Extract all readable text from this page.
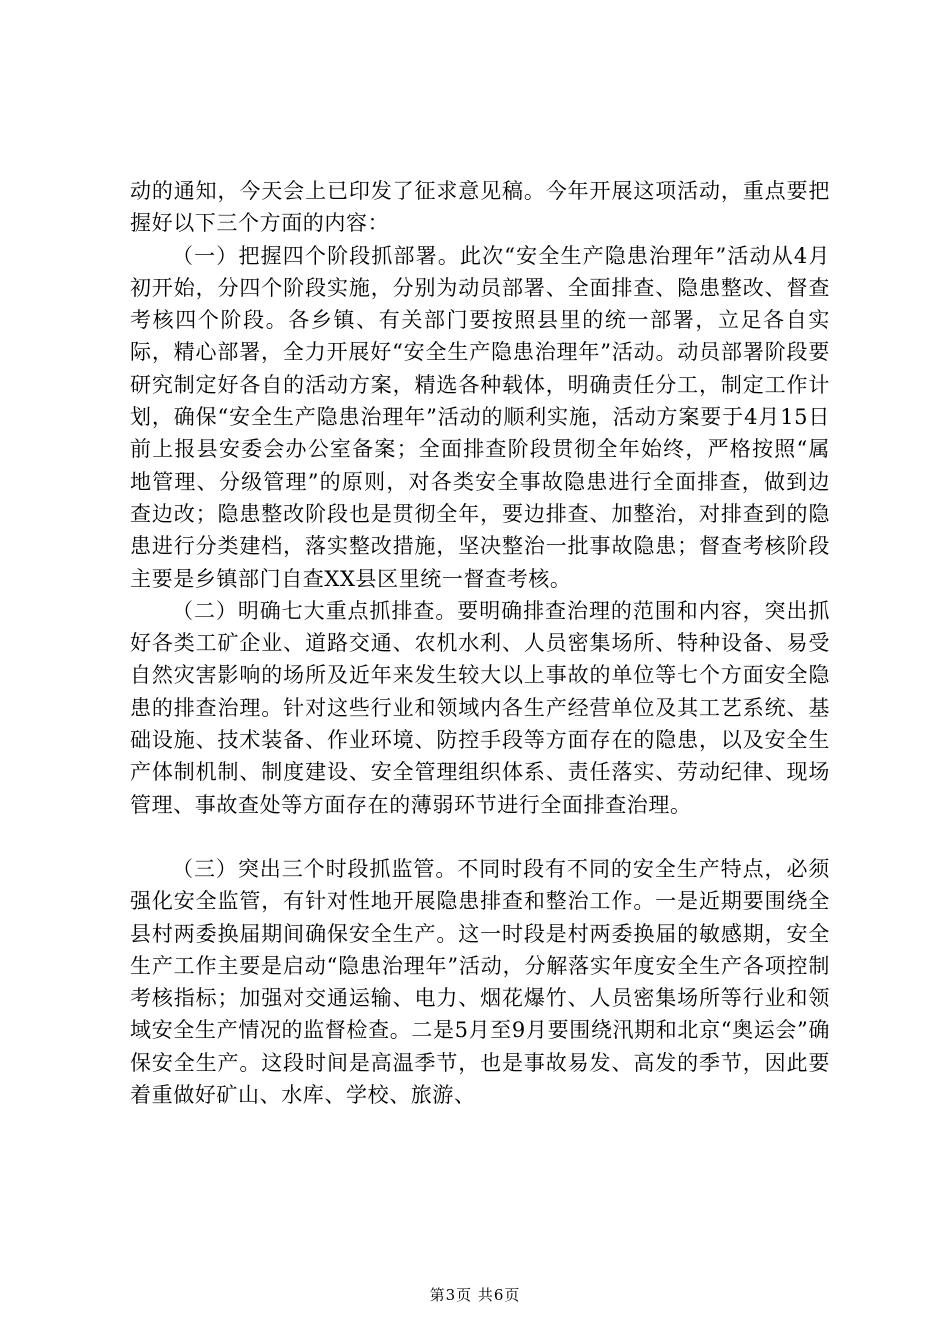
动的通知，今天会上已印发了征求意见稿。今年开展这项活动，重点要把握好以下三个方面的内容：

（一）把握四个阶段抓部署。此次“安全生产隐患治理年”活动从4月初开始，分四个阶段实施，分别为动员部署、全面排查、隐患整改、督查考核四个阶段。各乡镇、有关部门要按照县里的统一部署，立足各自实际，精心部署，全力开展好“安全生产隐患治理年”活动。动员部署阶段要研究制定好各自的活动方案，精选各种载体，明确责任分工，制定工作计划，确保“安全生产隐患治理年”活动的顺利实施，活动方案要于4月15日前上报县安委会办公室备案；全面排查阶段贯彻全年始终，严格按照“属地管理、分级管理”的原则，对各类安全事故隐患进行全面排查，做到边查边改；隐患整改阶段也是贯彻全年，要边排查、加整治，对排查到的隐患进行分类建档，落实整改措施，坚决整治一批事故隐患；督查考核阶段主要是乡镇部门自查XX县区里统一督查考核。

（二）明确七大重点抓排查。要明确排查治理的范围和内容，突出抓好各类工矿企业、道路交通、农机水利、人员密集场所、特种设备、易受自然灾害影响的场所及近年来发生较大以上事故的单位等七个方面安全隐患的排查治理。针对这些行业和领域内各生产经营单位及其工艺系统、基础设施、技术装备、作业环境、防控手段等方面存在的隐患，以及安全生产体制机制、制度建设、安全管理组织体系、责任落实、劳动纪律、现场管理、事故查处等方面存在的薄弱环节进行全面排查治理。

（三）突出三个时段抓监管。不同时段有不同的安全生产特点，必须强化安全监管，有针对性地开展隐患排查和整治工作。一是近期要围绕全县村两委换届期间确保安全生产。这一时段是村两委换届的敏感期，安全生产工作主要是启动“隐患治理年”活动，分解落实年度安全生产各项控制考核指标；加强对交通运输、电力、烟花爆竹、人员密集场所等行业和领域安全生产情况的监督检查。二是5月至9月要围绕汛期和北京“奥运会”确保安全生产。这段时间是高温季节，也是事故易发、高发的季节，因此要着重做好矿山、水库、学校、旅游、

第3页 共6页
